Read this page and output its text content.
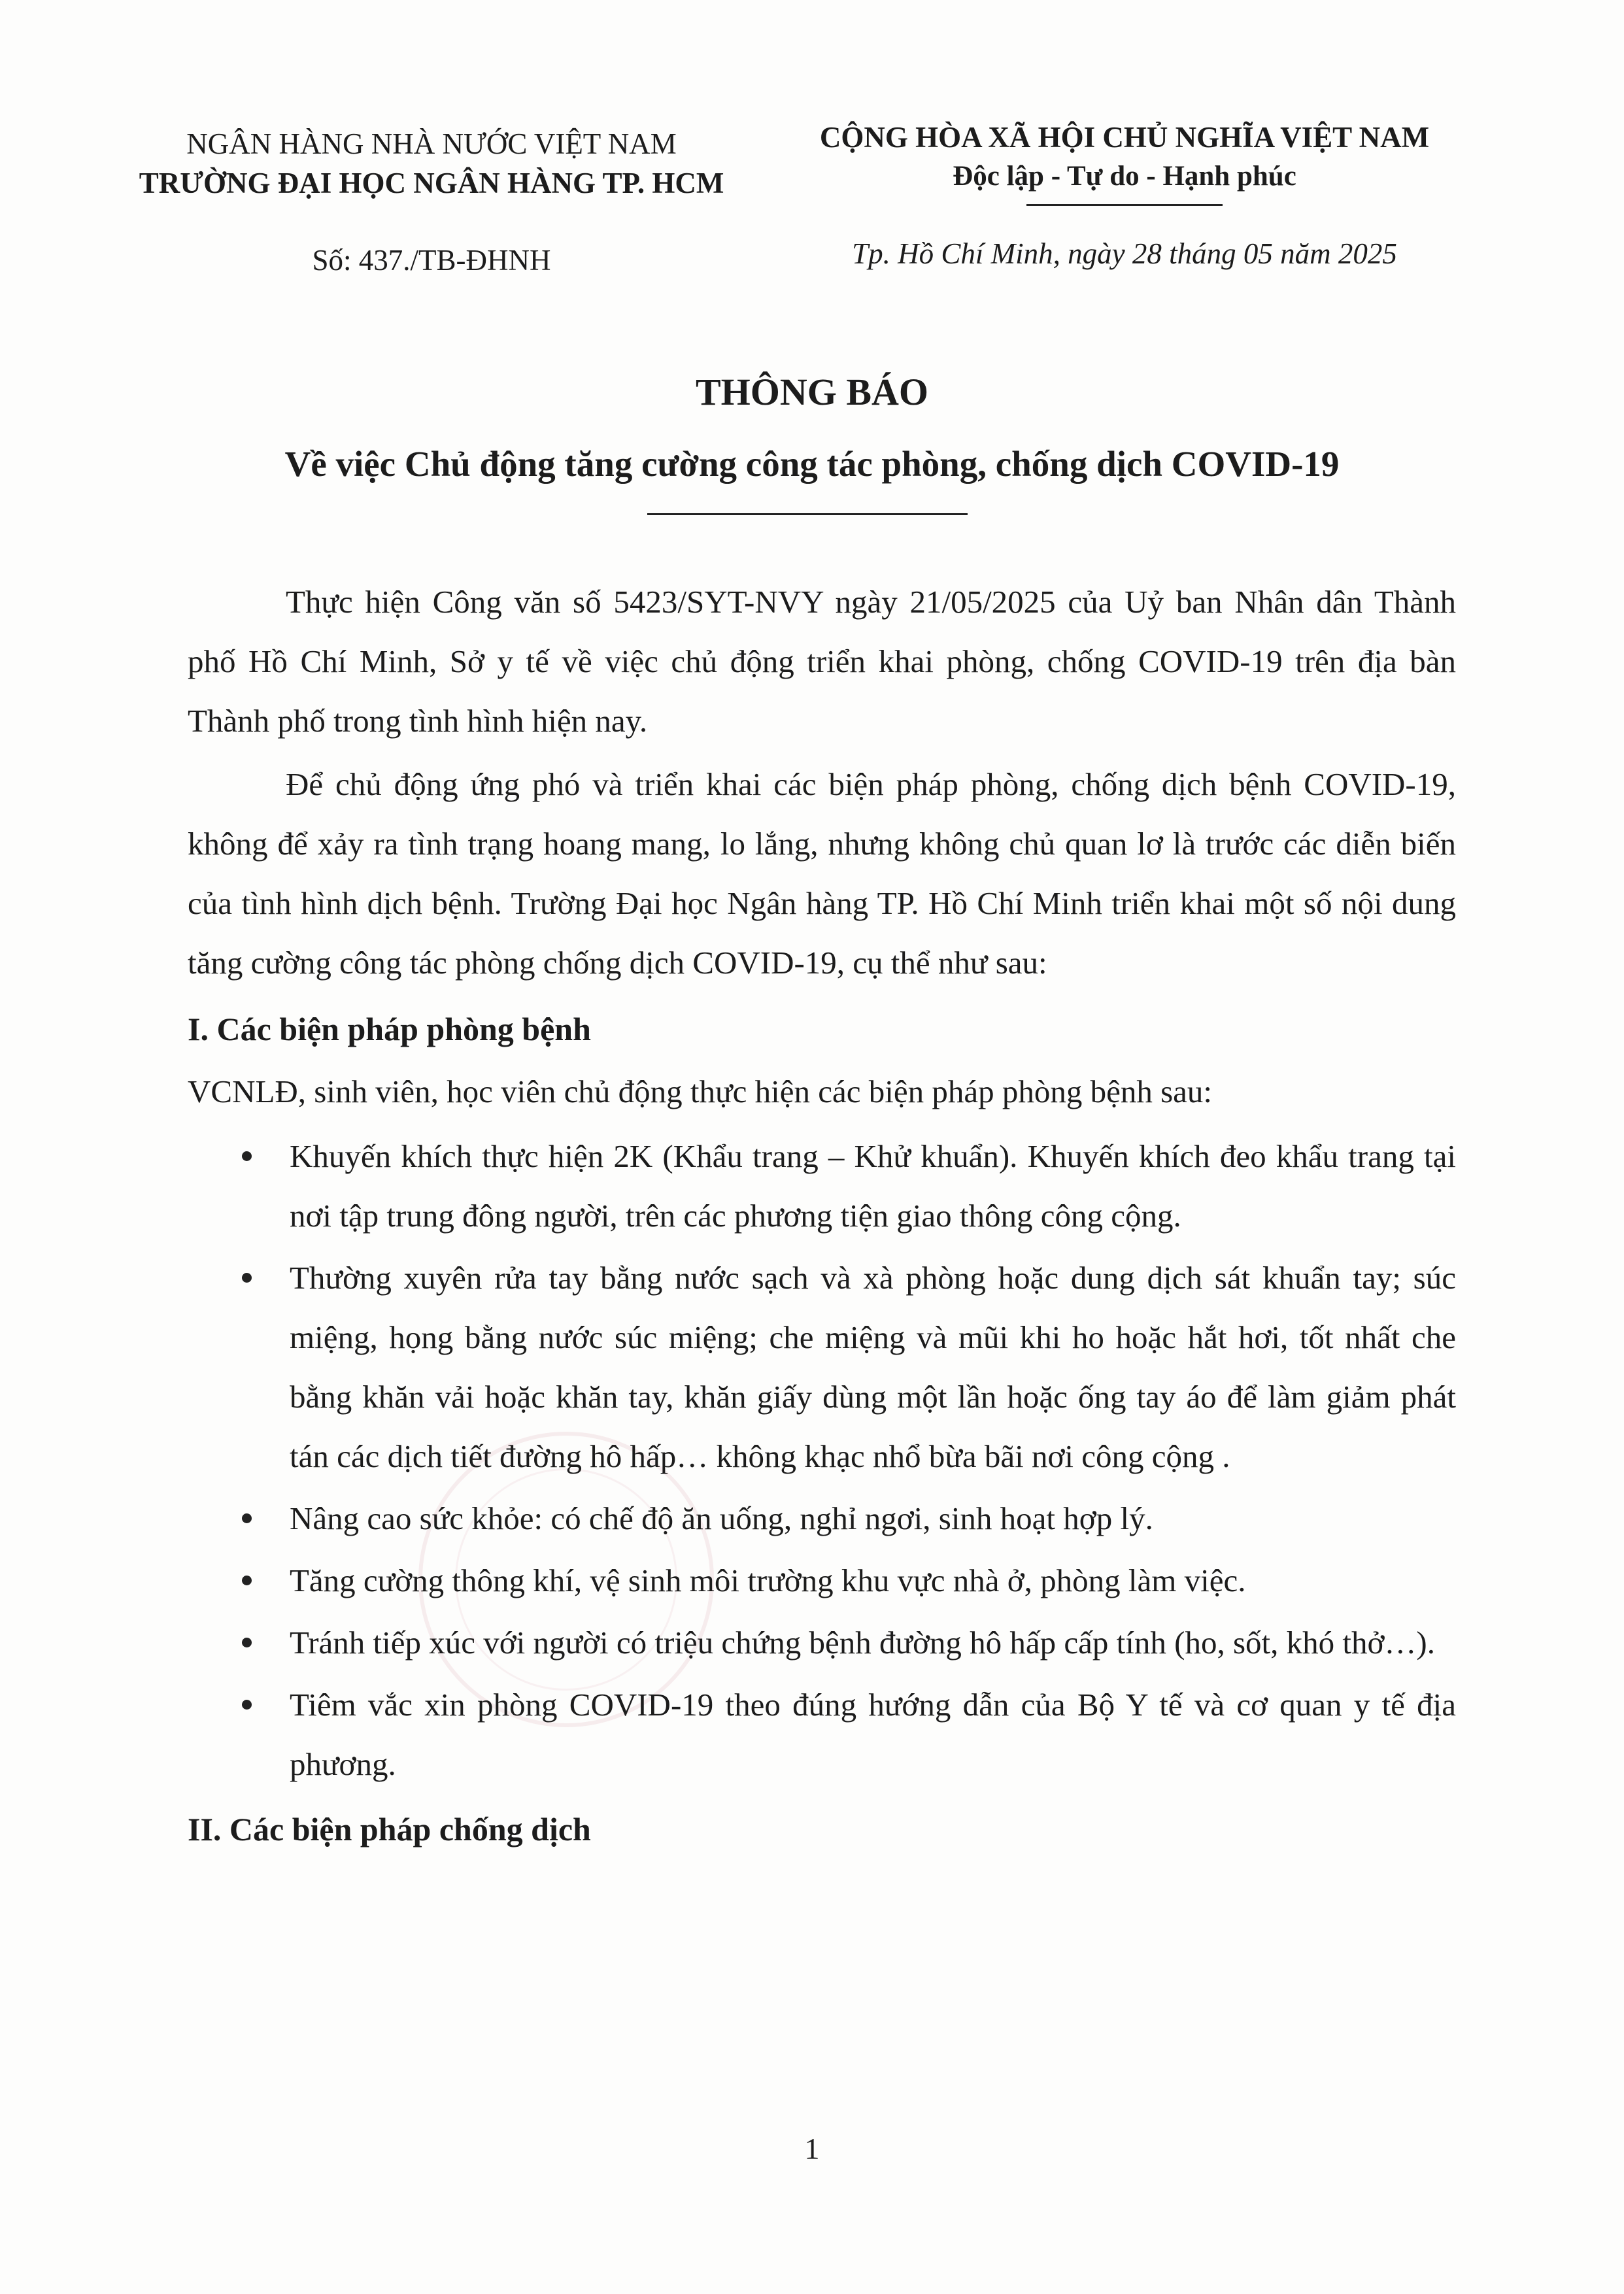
NGÂN HÀNG NHÀ NƯỚC VIỆT NAM
TRƯỜNG ĐẠI HỌC NGÂN HÀNG TP. HCM
CỘNG HÒA XÃ HỘI CHỦ NGHĨA VIỆT NAM
Độc lập - Tự do - Hạnh phúc
Số: 437./TB-ĐHNH	Tp. Hồ Chí Minh, ngày 28 tháng 05 năm 2025
THÔNG BÁO
Về việc Chủ động tăng cường công tác phòng, chống dịch COVID-19

Thực hiện Công văn số 5423/SYT-NVY ngày 21/05/2025 của Uỷ ban Nhân dân Thành phố Hồ Chí Minh, Sở y tế về việc chủ động triển khai phòng, chống COVID-19 trên địa bàn Thành phố trong tình hình hiện nay.

Để chủ động ứng phó và triển khai các biện pháp phòng, chống dịch bệnh COVID-19, không để xảy ra tình trạng hoang mang, lo lắng, nhưng không chủ quan lơ là trước các diễn biến của tình hình dịch bệnh. Trường Đại học Ngân hàng TP. Hồ Chí Minh triển khai một số nội dung tăng cường công tác phòng chống dịch COVID-19, cụ thể như sau:

I. Các biện pháp phòng bệnh

VCNLĐ, sinh viên, học viên chủ động thực hiện các biện pháp phòng bệnh sau:

Khuyến khích thực hiện 2K (Khẩu trang – Khử khuẩn). Khuyến khích đeo khẩu trang tại nơi tập trung đông người, trên các phương tiện giao thông công cộng.
Thường xuyên rửa tay bằng nước sạch và xà phòng hoặc dung dịch sát khuẩn tay; súc miệng, họng bằng nước súc miệng; che miệng và mũi khi ho hoặc hắt hơi, tốt nhất che bằng khăn vải hoặc khăn tay, khăn giấy dùng một lần hoặc ống tay áo để làm giảm phát tán các dịch tiết đường hô hấp… không khạc nhổ bừa bãi nơi công cộng .
Nâng cao sức khỏe: có chế độ ăn uống, nghỉ ngơi, sinh hoạt hợp lý.
Tăng cường thông khí, vệ sinh môi trường khu vực nhà ở, phòng làm việc.
Tránh tiếp xúc với người có triệu chứng bệnh đường hô hấp cấp tính (ho, sốt, khó thở…).
Tiêm vắc xin phòng COVID-19 theo đúng hướng dẫn của Bộ Y tế và cơ quan y tế địa phương.

II. Các biện pháp chống dịch

1
